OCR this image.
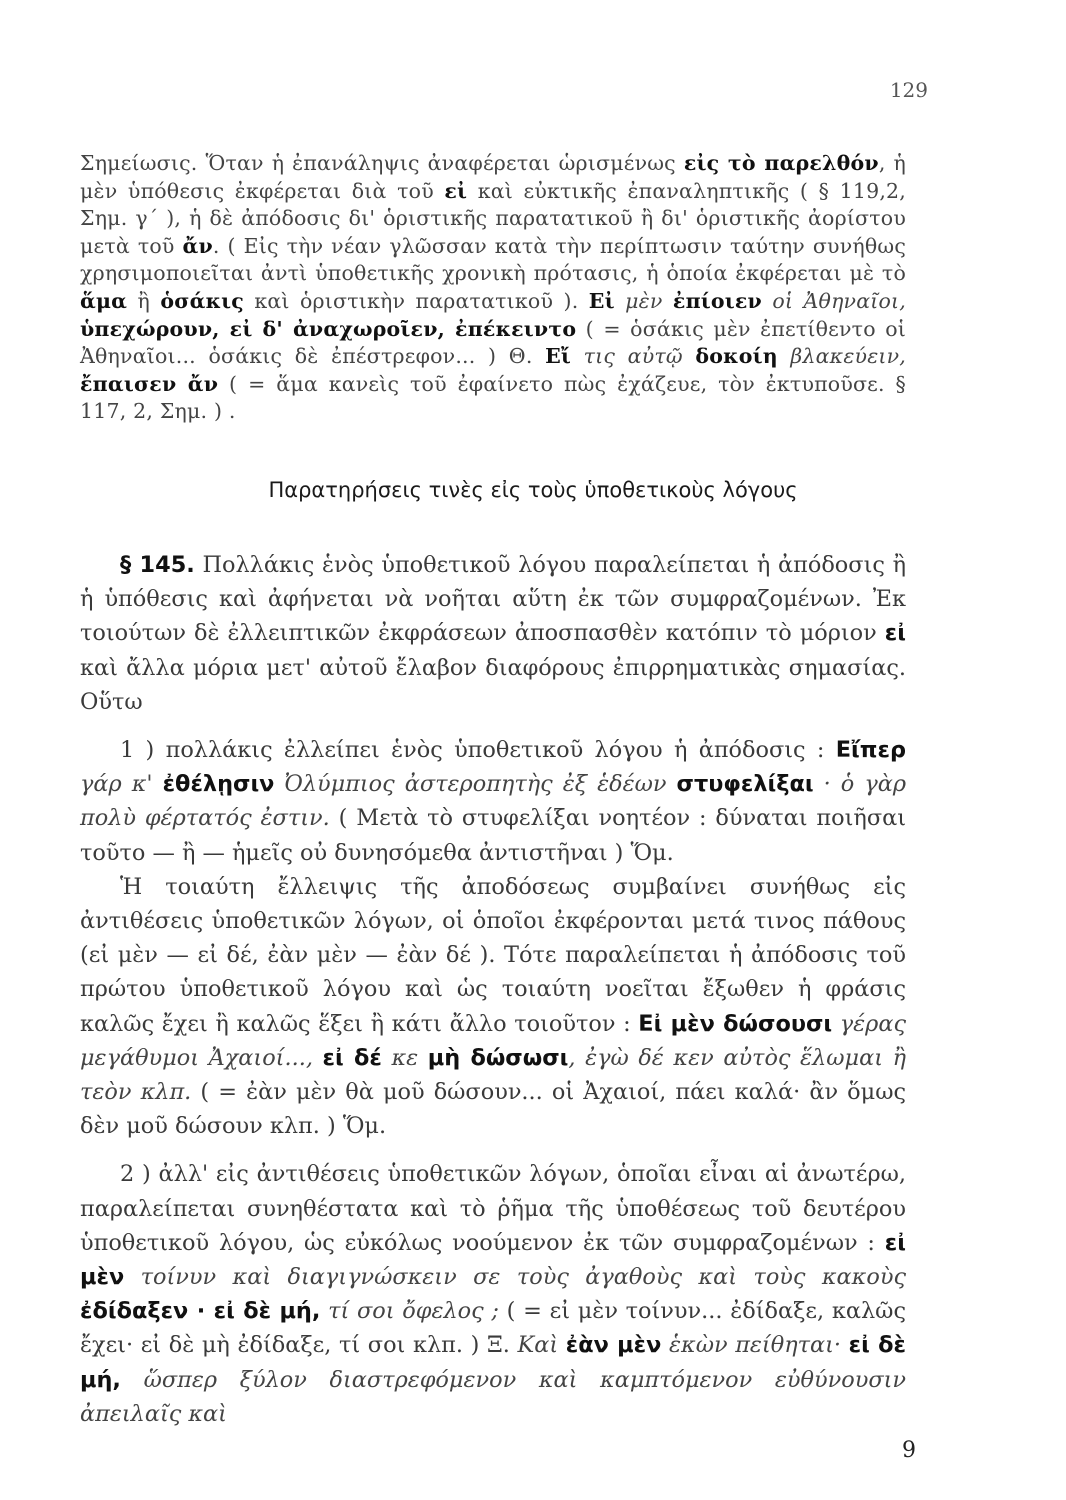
129

Σημείωσις. Ὅταν ἡ ἐπανάληψις ἀναφέρεται ὡρισμένως εἰς τὸ παρελθόν, ἡ μὲν ὑπόθεσις ἐκφέρεται διὰ τοῦ εἰ καὶ εὐκτικῆς ἐπαναληπτικῆς ( § 119,2, Σημ. γ΄ ), ἡ δὲ ἀπόδοσις δι' ὁριστικῆς παρατατικοῦ ἢ δι' ὁριστικῆς ἀορίστου μετὰ τοῦ ἄν. ( Εἰς τὴν νέαν γλῶσσαν κατὰ τὴν περίπτωσιν ταύτην συνήθως χρησιμοποιεῖται ἀντὶ ὑποθετικῆς χρονικὴ πρότασις, ἡ ὁποία ἐκφέρεται μὲ τὸ ἅμα ἢ ὁσάκις καὶ ὁριστικὴν παρατατικοῦ ). Εἰ μὲν ἐπίοιεν οἱ Ἀθηναῖοι, ὑπεχώρουν, εἰ δ' ἀναχωροῖεν, ἐπέκειντο ( = ὁσάκις μὲν ἐπετίθεντο οἱ Ἀθηναῖοι... ὁσάκις δὲ ἐπέστρεφον... ) Θ. Εἴ τις αὐτῷ δοκοίη βλακεύειν, ἔπαισεν ἄν ( = ἅμα κανεὶς τοῦ ἐφαίνετο πὼς ἐχάζευε, τὸν ἐκτυποῦσε. § 117, 2, Σημ. ) .

Παρατηρήσεις τινὲς εἰς τοὺς ὑποθετικοὺς λόγους

§ 145. Πολλάκις ἑνὸς ὑποθετικοῦ λόγου παραλείπεται ἡ ἀπόδοσις ἢ ἡ ὑπόθεσις καὶ ἀφήνεται νὰ νοῆται αὕτη ἐκ τῶν συμφραζομένων. Ἐκ τοιούτων δὲ ἐλλειπτικῶν ἐκφράσεων ἀποσπασθὲν κατόπιν τὸ μόριον εἰ καὶ ἄλλα μόρια μετ' αὐτοῦ ἔλαβον διαφόρους ἐπιρρηματικὰς σημασίας. Οὕτω

1 ) πολλάκις ἐλλείπει ἑνὸς ὑποθετικοῦ λόγου ἡ ἀπόδοσις : Εἴπερ γάρ κ' ἐθέλῃσιν Ὀλύμπιος ἀστεροπητὴς ἐξ ἑδέων στυφελίξαι · ὁ γὰρ πολὺ φέρτατός ἐστιν. ( Μετὰ τὸ στυφελίξαι νοητέον : δύναται ποιῆσαι τοῦτο — ἢ — ἡμεῖς οὐ δυνησόμεθα ἀντιστῆναι ) Ὅμ.

Ἡ τοιαύτη ἔλλειψις τῆς ἀποδόσεως συμβαίνει συνήθως εἰς ἀντιθέσεις ὑποθετικῶν λόγων, οἱ ὁποῖοι ἐκφέρονται μετά τινος πάθους (εἰ μὲν — εἰ δέ, ἐὰν μὲν — ἐὰν δέ ). Τότε παραλείπεται ἡ ἀπόδοσις τοῦ πρώτου ὑποθετικοῦ λόγου καὶ ὡς τοιαύτη νοεῖται ἔξωθεν ἡ φράσις καλῶς ἔχει ἢ καλῶς ἕξει ἢ κάτι ἄλλο τοιοῦτον : Εἰ μὲν δώσουσι γέρας μεγάθυμοι Ἀχαιοί..., εἰ δέ κε μὴ δώσωσι, ἐγὼ δέ κεν αὐτὸς ἕλωμαι ἢ τεὸν κλπ. ( = ἐὰν μὲν θὰ μοῦ δώσουν... οἱ Ἀχαιοί, πάει καλά· ἂν ὅμως δὲν μοῦ δώσουν κλπ. ) Ὅμ.

2 ) ἀλλ' εἰς ἀντιθέσεις ὑποθετικῶν λόγων, ὁποῖαι εἶναι αἱ ἀνωτέρω, παραλείπεται συνηθέστατα καὶ τὸ ῥῆμα τῆς ὑποθέσεως τοῦ δευτέρου ὑποθετικοῦ λόγου, ὡς εὐκόλως νοούμενον ἐκ τῶν συμφραζομένων : εἰ μὲν τοίνυν καὶ διαγιγνώσκειν σε τοὺς ἀγαθοὺς καὶ τοὺς κακοὺς ἐδίδαξεν · εἰ δὲ μή, τί σοι ὄφελος ; ( = εἰ μὲν τοίνυν... ἐδίδαξε, καλῶς ἔχει· εἰ δὲ μὴ ἐδίδαξε, τί σοι κλπ. ) Ξ. Καὶ ἐὰν μὲν ἑκὼν πείθηται· εἰ δὲ μή, ὥσπερ ξύλον διαστρεφόμενον καὶ καμπτόμενον εὐθύνουσιν ἀπειλαῖς καὶ

9
